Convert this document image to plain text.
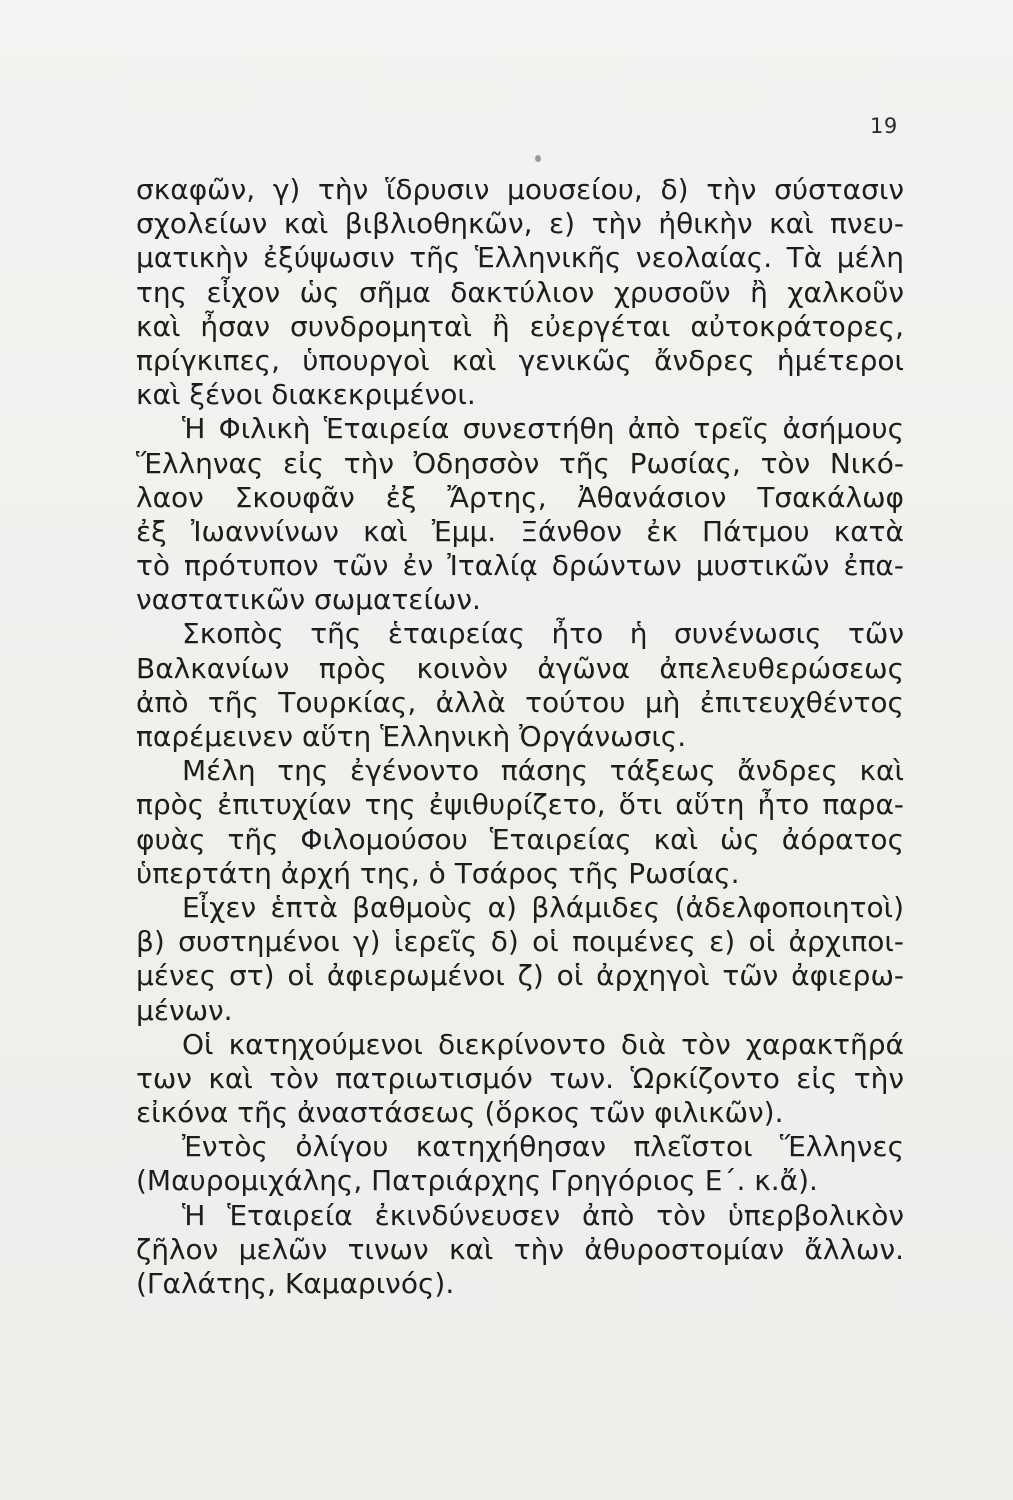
19
σκαφῶν, γ) τὴν ἵδρυσιν μουσείου, δ) τὴν σύστασιν
σχολείων καὶ βιβλιοθηκῶν, ε) τὴν ἠθικὴν καὶ πνευ-
ματικὴν ἐξύψωσιν τῆς Ἑλληνικῆς νεολαίας. Τὰ μέλη
της εἶχον ὡς σῆμα δακτύλιον χρυσοῦν ἢ χαλκοῦν
καὶ ἦσαν συνδρομηταὶ ἢ εὐεργέται αὐτοκράτορες,
πρίγκιπες, ὑπουργοὶ καὶ γενικῶς ἄνδρες ἡμέτεροι
καὶ ξένοι διακεκριμένοι.
Ἡ Φιλικὴ Ἑταιρεία συνεστήθη ἀπὸ τρεῖς ἀσήμους
Ἕλληνας εἰς τὴν Ὀδησσὸν τῆς Ρωσίας, τὸν Νικό-
λαον Σκουφᾶν ἐξ Ἄρτης, Ἀθανάσιον Τσακάλωφ
ἐξ Ἰωαννίνων καὶ Ἐμμ. Ξάνθον ἐκ Πάτμου κατὰ
τὸ πρότυπον τῶν ἐν Ἰταλίᾳ δρώντων μυστικῶν ἐπα-
ναστατικῶν σωματείων.
Σκοπὸς τῆς ἑταιρείας ἦτο ἡ συνένωσις τῶν
Βαλκανίων πρὸς κοινὸν ἀγῶνα ἀπελευθερώσεως
ἀπὸ τῆς Τουρκίας, ἀλλὰ τούτου μὴ ἐπιτευχθέντος
παρέμεινεν αὕτη Ἑλληνικὴ Ὀργάνωσις.
Μέλη της ἐγένοντο πάσης τάξεως ἄνδρες καὶ
πρὸς ἐπιτυχίαν της ἐψιθυρίζετο, ὅτι αὕτη ἦτο παρα-
φυὰς τῆς Φιλομούσου Ἑταιρείας καὶ ὡς ἀόρατος
ὑπερτάτη ἀρχή της, ὁ Τσάρος τῆς Ρωσίας.
Εἶχεν ἑπτὰ βαθμοὺς α) βλάμιδες (ἀδελφοποιητοὶ)
β) συστημένοι γ) ἱερεῖς δ) οἱ ποιμένες ε) οἱ ἀρχιποι-
μένες στ) οἱ ἀφιερωμένοι ζ) οἱ ἀρχηγοὶ τῶν ἀφιερω-
μένων.
Οἱ κατηχούμενοι διεκρίνοντο διὰ τὸν χαρακτῆρά
των καὶ τὸν πατριωτισμόν των. Ὡρκίζοντο εἰς τὴν
εἰκόνα τῆς ἀναστάσεως (ὅρκος τῶν φιλικῶν).
Ἐντὸς ὀλίγου κατηχήθησαν πλεῖστοι Ἕλληνες
(Μαυρομιχάλης, Πατριάρχης Γρηγόριος Ε΄. κ.ἄ).
Ἡ Ἑταιρεία ἐκινδύνευσεν ἀπὸ τὸν ὑπερβολικὸν
ζῆλον μελῶν τινων καὶ τὴν ἀθυροστομίαν ἄλλων.
(Γαλάτης, Καμαρινός).
